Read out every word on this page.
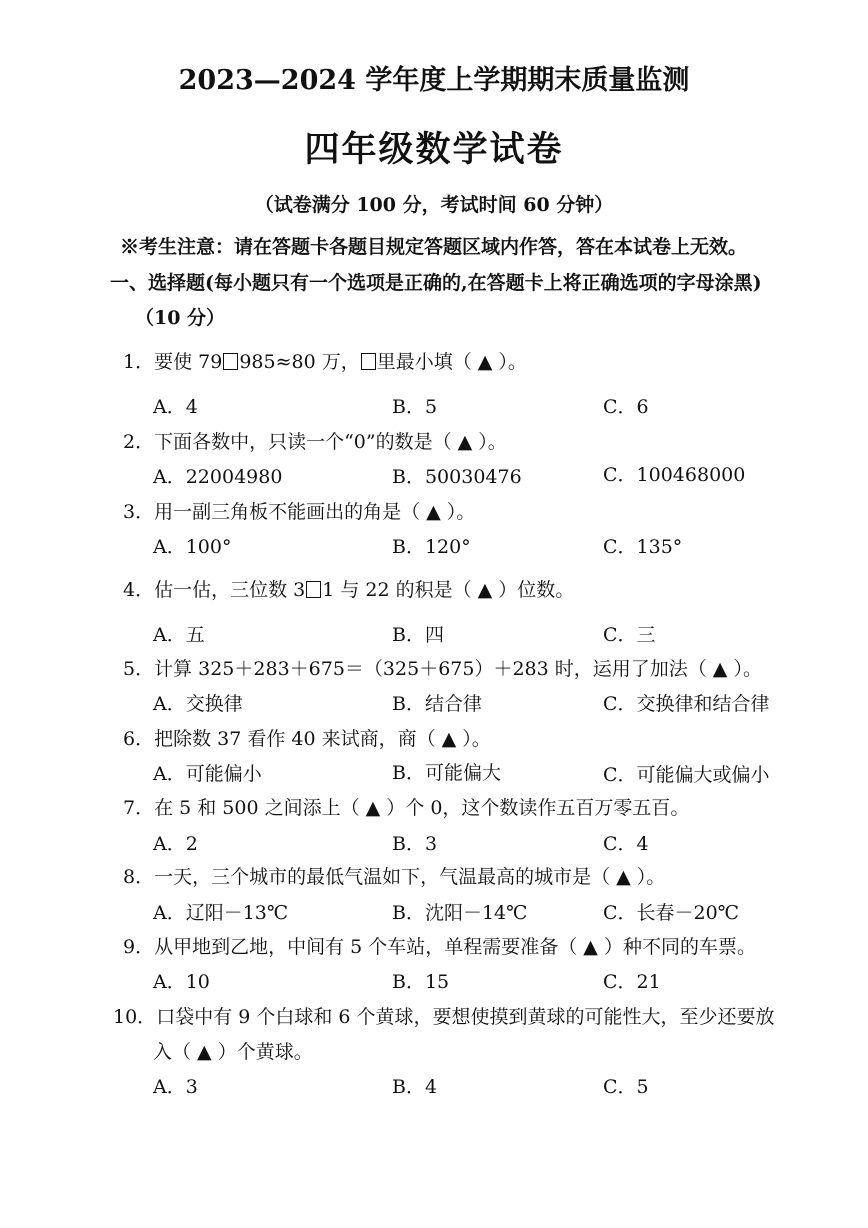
2023—2024 学年度上学期期末质量监测
四年级数学试卷
（试卷满分 100 分，考试时间 60 分钟）
※考生注意：请在答题卡各题目规定答题区域内作答，答在本试卷上无效。
一、选择题(每小题只有一个选项是正确的,在答题卡上将正确选项的字母涂黑)
（10 分）
1．要使 79 985≈80 万， 里最小填（ ▲ ）。
A．4	B．5	C．6
2．下面各数中，只读一个“0”的数是（ ▲ ）。
A．22004980	B．50030476	C．100468000
3．用一副三角板不能画出的角是（ ▲ ）。
A．100°	B．120°	C．135°
4．估一估，三位数 3 1 与 22 的积是（ ▲ ）位数。
A．五	B．四	C．三
5．计算 325＋283＋675＝（325＋675）＋283 时，运用了加法（ ▲ ）。
A．交换律	B．结合律	C．交换律和结合律
6．把除数 37 看作 40 来试商，商（ ▲ ）。
A．可能偏小	B．可能偏大	C．可能偏大或偏小
7．在 5 和 500 之间添上（ ▲ ）个 0，这个数读作五百万零五百。
A．2	B．3	C．4
8．一天，三个城市的最低气温如下，气温最高的城市是（ ▲ ）。
A．辽阳－13℃	B．沈阳－14℃	C．长春－20℃
9．从甲地到乙地，中间有 5 个车站，单程需要准备（ ▲ ）种不同的车票。
A．10	B．15	C．21
10．口袋中有 9 个白球和 6 个黄球，要想使摸到黄球的可能性大，至少还要放
入（ ▲ ）个黄球。
A．3	B．4	C．5
